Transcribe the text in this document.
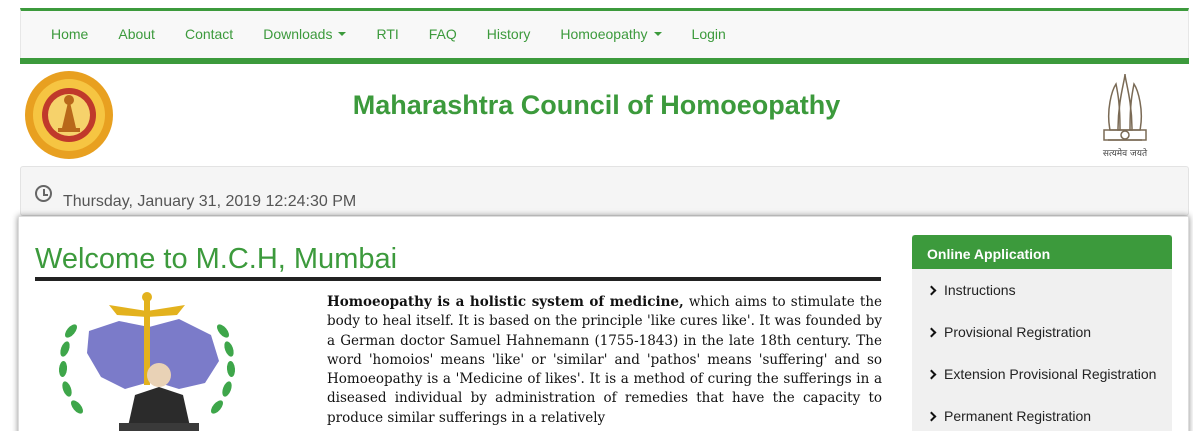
Home About Contact Downloads	RTI FAQ History Homoeopathy	Login
Maharashtra Council of Homoeopathy
सत्यमेव जयते
Thursday, January 31, 2019 12:24:30 PM
Welcome to M.C.H, Mumbai

Homoeopathy is a holistic system of medicine, which aims to stimulate the body to heal itself. It is based on the principle 'like cures like'. It was founded by a German doctor Samuel Hahnemann (1755-1843) in the late 18th century. The word 'homoios' means 'like' or 'similar' and 'pathos' means 'suffering' and so Homoeopathy is a 'Medicine of likes'. It is a method of curing the sufferings in a diseased individual by administration of remedies that have the capacity to produce similar sufferings in a relatively

Online Application
Instructions
Provisional Registration
Extension Provisional Registration
Permanent Registration
